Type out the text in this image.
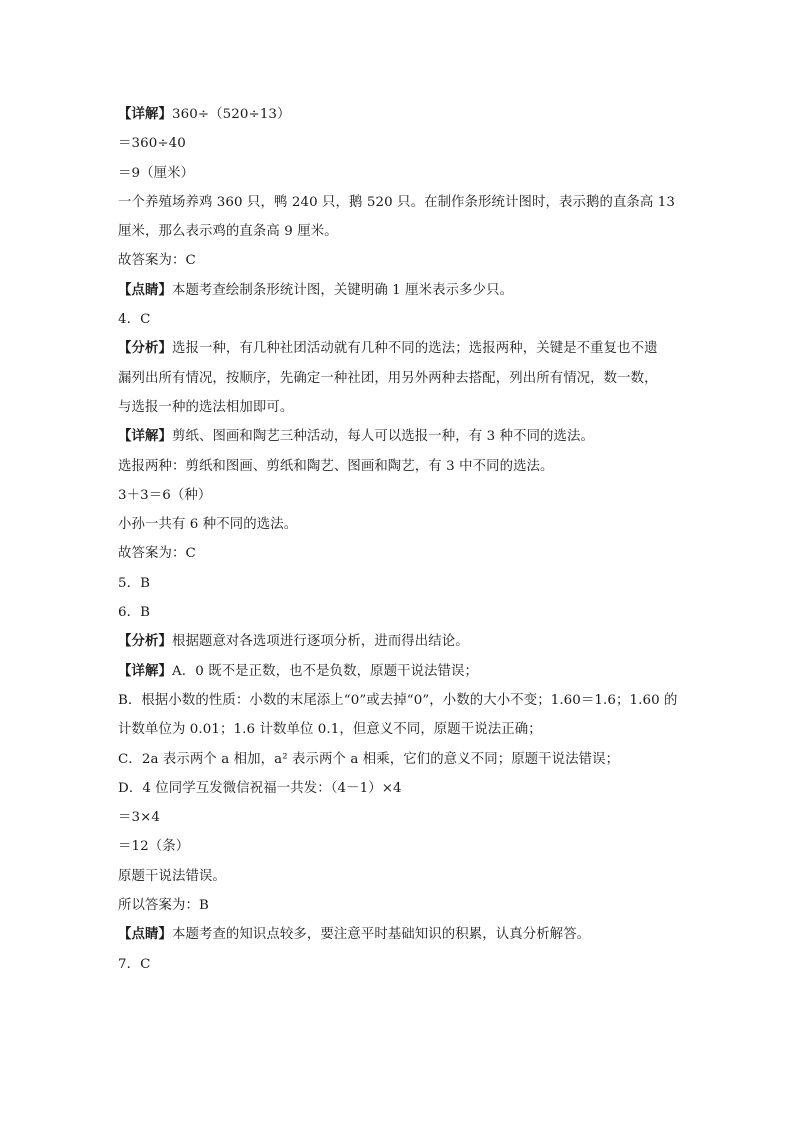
【详解】360÷（520÷13）
＝360÷40
＝9（厘米）
一个养殖场养鸡 360 只，鸭 240 只，鹅 520 只。在制作条形统计图时，表示鹅的直条高 13
厘米，那么表示鸡的直条高 9 厘米。
故答案为：C
【点睛】本题考查绘制条形统计图，关键明确 1 厘米表示多少只。
4．C
【分析】选报一种，有几种社团活动就有几种不同的选法；选报两种，关键是不重复也不遗
漏列出所有情况，按顺序，先确定一种社团，用另外两种去搭配，列出所有情况，数一数，
与选报一种的选法相加即可。
【详解】剪纸、图画和陶艺三种活动，每人可以选报一种，有 3 种不同的选法。
选报两种：剪纸和图画、剪纸和陶艺、图画和陶艺，有 3 中不同的选法。
3＋3＝6（种）
小孙一共有 6 种不同的选法。
故答案为：C
5．B
6．B
【分析】根据题意对各选项进行逐项分析，进而得出结论。
【详解】A．0 既不是正数，也不是负数，原题干说法错误；
B．根据小数的性质：小数的末尾添上“0”或去掉“0”，小数的大小不变；1.60＝1.6；1.60 的
计数单位为 0.01；1.6 计数单位 0.1，但意义不同，原题干说法正确；
C．2a 表示两个 a 相加，a² 表示两个 a 相乘，它们的意义不同；原题干说法错误；
D．4 位同学互发微信祝福一共发：（4－1）×4
＝3×4
＝12（条）
原题干说法错误。
所以答案为：B
【点睛】本题考查的知识点较多，要注意平时基础知识的积累，认真分析解答。
7．C
